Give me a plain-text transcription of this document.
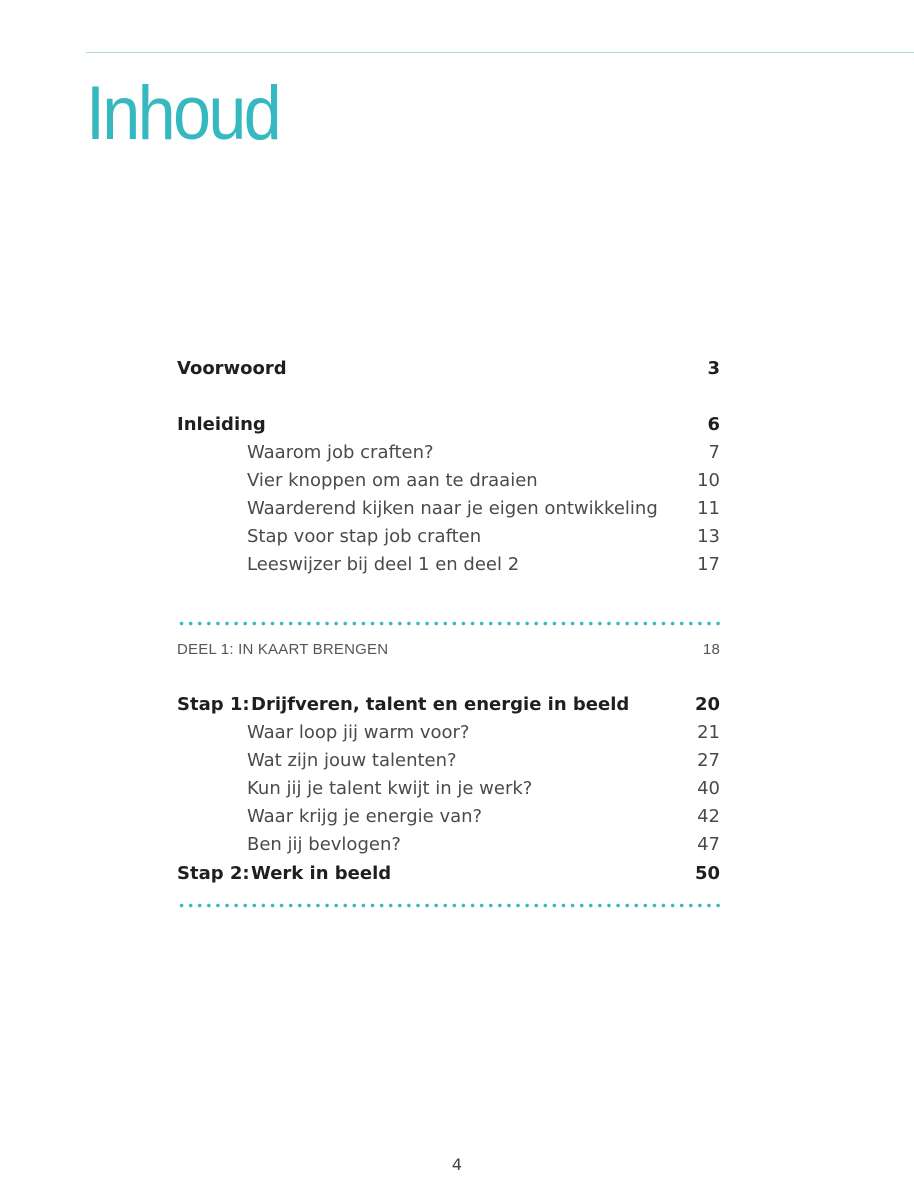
Inhoud
Voorwoord	3
Inleiding	6
Waarom job craften?	7
Vier knoppen om aan te draaien	10
Waarderend kijken naar je eigen ontwikkeling 11
Stap voor stap job craften	13
Leeswijzer bij deel 1 en deel 2	17
DEEL 1: IN KAART BRENGEN	18
Stap 1:Drijfveren, talent en energie in beeld	20
Waar loop jij warm voor?	21
Wat zijn jouw talenten?	27
Kun jij je talent kwijt in je werk?	40
Waar krijg je energie van?	42
Ben jij bevlogen?	47
Stap 2:Werk in beeld	50
4
